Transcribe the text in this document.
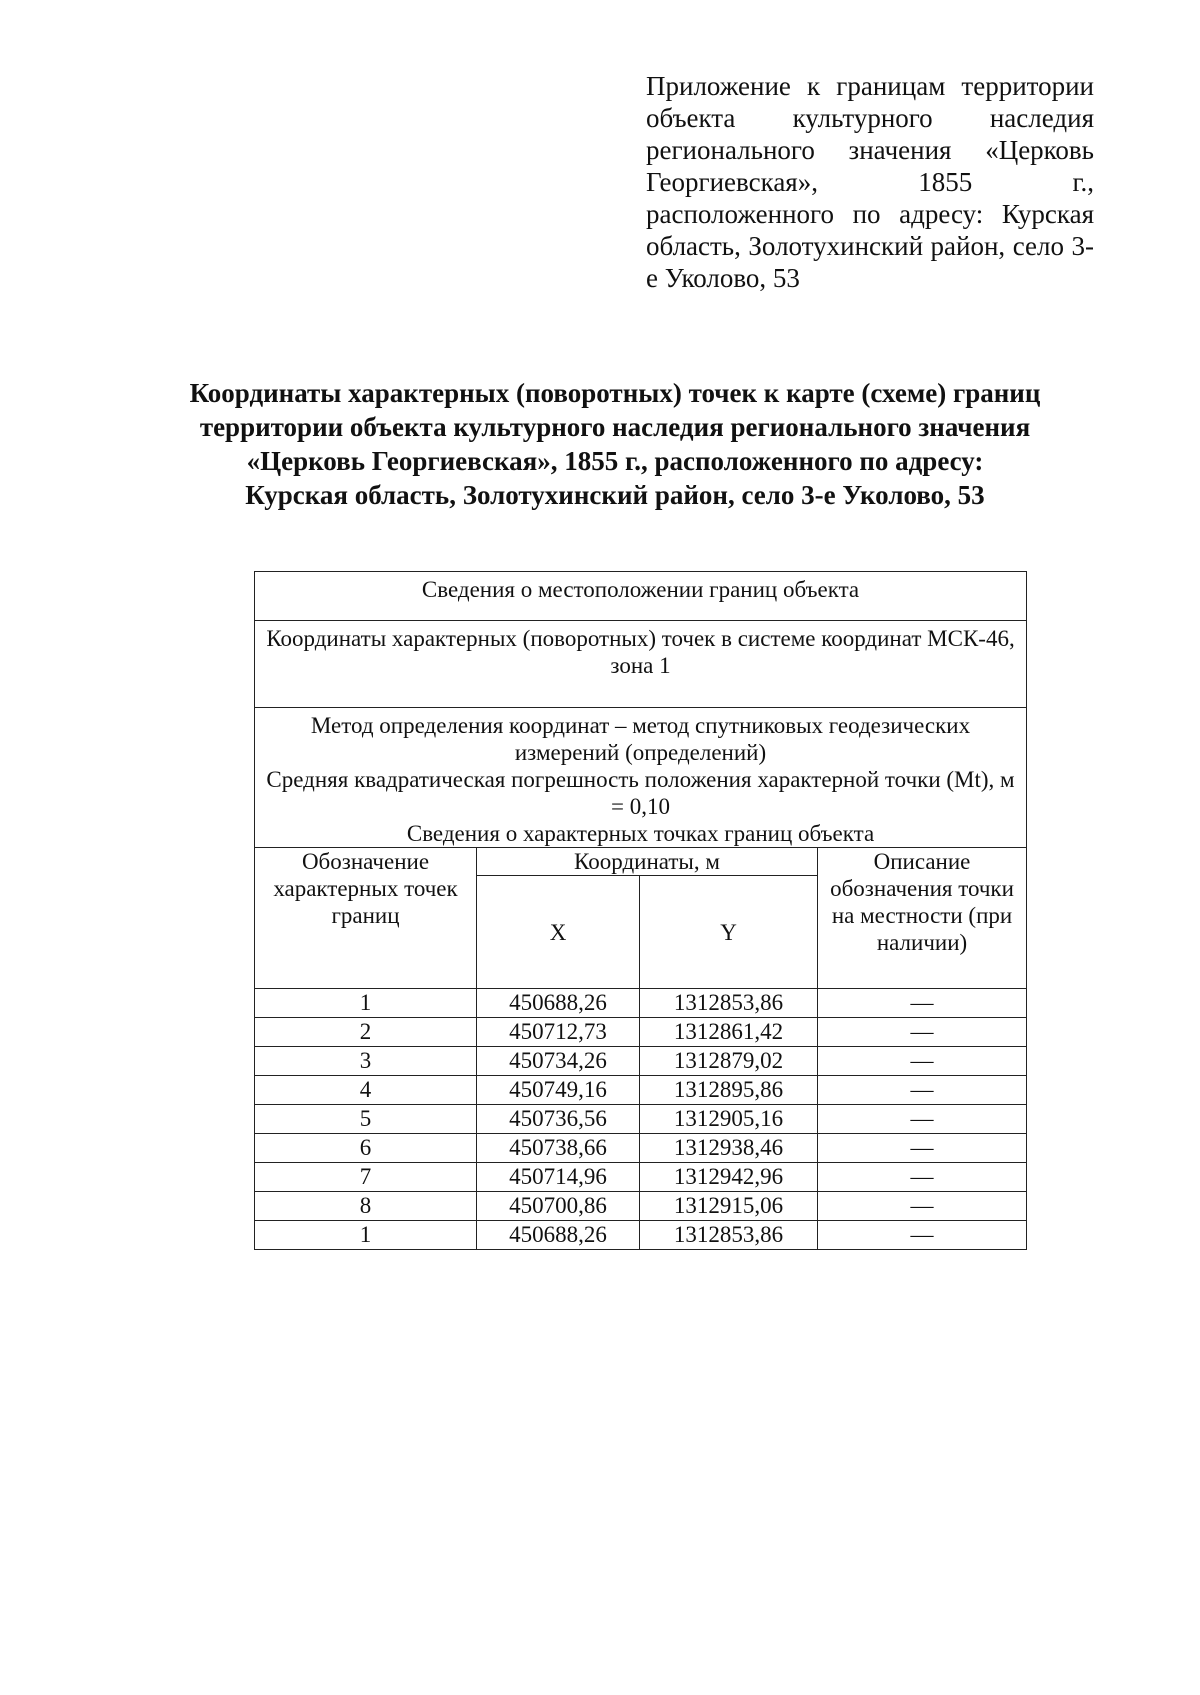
Приложение к границам территории объекта культурного наследия регионального значения «Церковь Георгиевская», 1855 г., расположенного по адресу: Курская область, Золотухинский район, село 3-е Уколово, 53
Координаты характерных (поворотных) точек к карте (схеме) границ
территории объекта культурного наследия регионального значения
«Церковь Георгиевская», 1855 г., расположенного по адресу:
Курская область, Золотухинский район, село 3-е Уколово, 53
Сведения о местоположении границ объекта			
Координаты характерных (поворотных) точек в системе координат МСК-46, зона 1			

Метод определения координат – метод спутниковых геодезических измерений (определений)
Средняя квадратическая погрешность положения характерной точки (Mt), м = 0,10
Сведения о характерных точках границ объекта			

Обозначение характерных точек границ	Координаты, м		Описание обозначения точки на местности (при наличии)
	X	Y	
1	450688,26	1312853,86	—
2	450712,73	1312861,42	—
3	450734,26	1312879,02	—
4	450749,16	1312895,86	—
5	450736,56	1312905,16	—
6	450738,66	1312938,46	—
7	450714,96	1312942,96	—
8	450700,86	1312915,06	—
1	450688,26	1312853,86	—
